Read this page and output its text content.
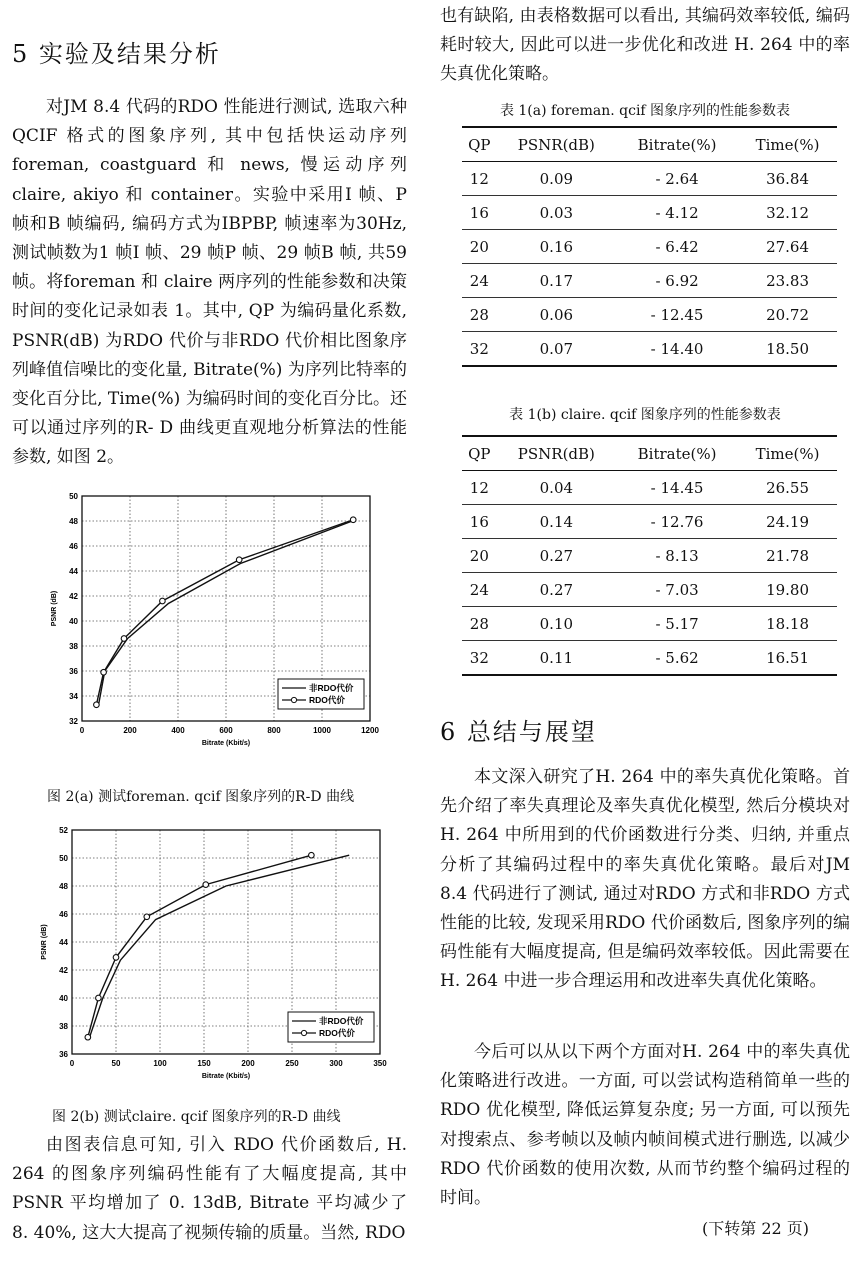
5 实验及结果分析

对JM 8.4 代码的RDO 性能进行测试, 选取六种QCIF 格式的图象序列, 其中包括快运动序列 foreman, coastguard 和 news, 慢运动序列 claire, akiyo 和 container。实验中采用I 帧、P 帧和B 帧编码, 编码方式为IBPBP, 帧速率为30Hz, 测试帧数为1 帧I 帧、29 帧P 帧、29 帧B 帧, 共59 帧。将foreman 和 claire 两序列的性能参数和决策时间的变化记录如表 1。其中, QP 为编码量化系数, PSNR(dB) 为RDO 代价与非RDO 代价相比图象序列峰值信噪比的变化量, Bitrate(%) 为序列比特率的变化百分比, Time(%) 为编码时间的变化百分比。还可以通过序列的R- D 曲线更直观地分析算法的性能参数, 如图 2。

0	200	400	600	800	1000	1200
32
34
36
38
40
42
44
46
48
50
Bitrate (Kbit/s)
PSNR (dB)
非RDO代价
RDO代价
图 2(a) 测试foreman. qcif 图象序列的R-D 曲线
0	50	100	150	200	250	300	350
36
38
40
42
44
46
48
50
52
Bitrate (Kbit/s)
PSNR (dB)
非RDO代价
RDO代价
图 2(b) 测试claire. qcif 图象序列的R-D 曲线

由图表信息可知, 引入 RDO 代价函数后, H. 264 的图象序列编码性能有了大幅度提高, 其中 PSNR 平均增加了 0. 13dB, Bitrate 平均减少了 8. 40%, 这大大提高了视频传输的质量。当然, RDO

也有缺陷, 由表格数据可以看出, 其编码效率较低, 编码耗时较大, 因此可以进一步优化和改进 H. 264 中的率失真优化策略。

表 1(a) foreman. qcif 图象序列的性能参数表
QP	PSNR(dB)	Bitrate(%)	Time(%)
12	0.09	- 2.64	36.84
16	0.03	- 4.12	32.12
20	0.16	- 6.42	27.64
24	0.17	- 6.92	23.83
28	0.06	- 12.45	20.72
32	0.07	- 14.40	18.50
表 1(b) claire. qcif 图象序列的性能参数表
QP	PSNR(dB)	Bitrate(%)	Time(%)
12	0.04	- 14.45	26.55
16	0.14	- 12.76	24.19
20	0.27	- 8.13	21.78
24	0.27	- 7.03	19.80
28	0.10	- 5.17	18.18
32	0.11	- 5.62	16.51
6 总结与展望

本文深入研究了H. 264 中的率失真优化策略。首先介绍了率失真理论及率失真优化模型, 然后分模块对H. 264 中所用到的代价函数进行分类、归纳, 并重点分析了其编码过程中的率失真优化策略。最后对JM 8.4 代码进行了测试, 通过对RDO 方式和非RDO 方式性能的比较, 发现采用RDO 代价函数后, 图象序列的编码性能有大幅度提高, 但是编码效率较低。因此需要在H. 264 中进一步合理运用和改进率失真优化策略。

今后可以从以下两个方面对H. 264 中的率失真优化策略进行改进。一方面, 可以尝试构造稍简单一些的RDO 优化模型, 降低运算复杂度; 另一方面, 可以预先对搜索点、参考帧以及帧内帧间模式进行删选, 以减少RDO 代价函数的使用次数, 从而节约整个编码过程的时间。

(下转第 22 页)
